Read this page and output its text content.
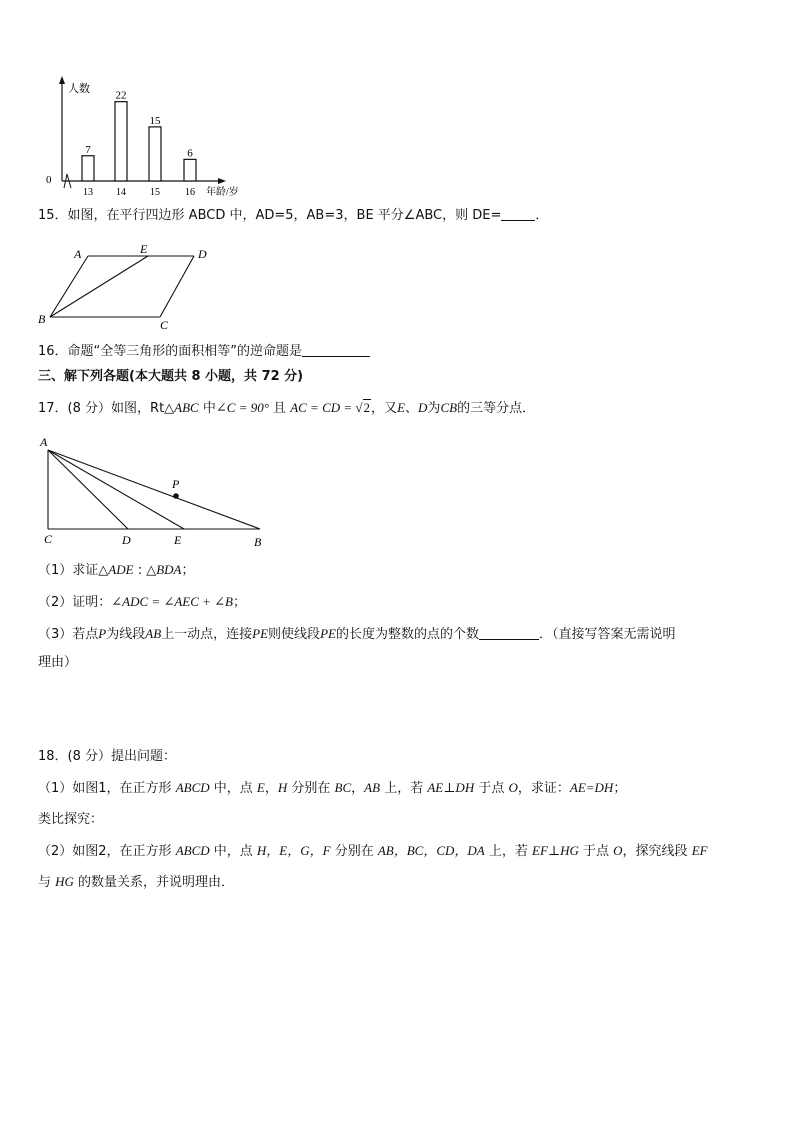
0
人数
年龄/岁
7
13
22
14
15
15
6
16
15．如图，在平行四边形 ABCD 中，AD=5，AB=3，BE 平分∠ABC，则 DE=	．
A	E	D
B	C
16．命题“全等三角形的面积相等”的逆命题是
三、解下列各题(本大题共 8 小题，共 72 分)
17．(8 分）如图，Rt△ABC 中∠C = 90° 且 AC = CD = √2，又E、D为CB的三等分点．
A
P
C	D	E	B
（1）求证△ADE : △BDA；
（2）证明：∠ADC = ∠AEC + ∠B；
（3）若点P为线段AB上一动点，连接PE则使线段PE的长度为整数的点的个数	．（直接写答案无需说明
理由）
18．(8 分）提出问题：
（1）如图1，在正方形 ABCD 中，点 E，H 分别在 BC，AB 上，若 AE⊥DH 于点 O，求证：AE=DH；
类比探究：
（2）如图2，在正方形 ABCD 中，点 H，E，G，F 分别在 AB，BC，CD，DA 上，若 EF⊥HG 于点 O，探究线段 EF
与 HG 的数量关系，并说明理由．
